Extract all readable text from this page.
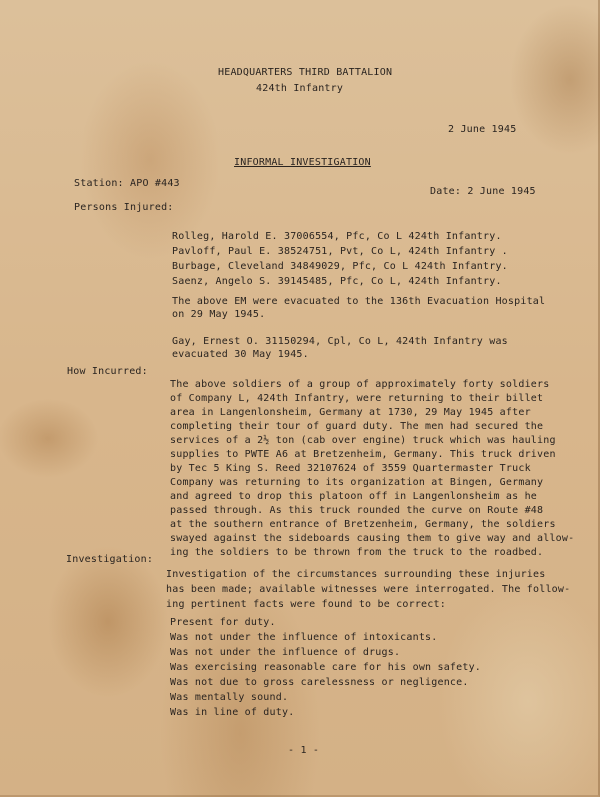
HEADQUARTERS THIRD BATTALION
424th Infantry
2 June 1945
INFORMAL INVESTIGATION
Station: APO #443
Date: 2 June 1945
Persons Injured:
Rolleg, Harold E. 37006554, Pfc, Co L 424th Infantry.
Pavloff, Paul E. 38524751, Pvt, Co L, 424th Infantry .
Burbage, Cleveland 34849029, Pfc, Co L 424th Infantry.
Saenz, Angelo S. 39145485, Pfc, Co L, 424th Infantry.
The above EM were evacuated to the 136th Evacuation Hospital
on 29 May 1945.
Gay, Ernest O. 31150294, Cpl, Co L, 424th Infantry was
evacuated 30 May 1945.
How Incurred:
The above soldiers of a group of approximately forty soldiers
of Company L, 424th Infantry, were returning to their billet
area in Langenlonsheim, Germany at 1730, 29 May 1945 after
completing their tour of guard duty. The men had secured the
services of a 2½ ton (cab over engine) truck which was hauling
supplies to PWTE A6 at Bretzenheim, Germany. This truck driven
by Tec 5 King S. Reed 32107624 of 3559 Quartermaster Truck
Company was returning to its organization at Bingen, Germany
and agreed to drop this platoon off in Langenlonsheim as he
passed through. As this truck rounded the curve on Route #48
at the southern entrance of Bretzenheim, Germany, the soldiers
swayed against the sideboards causing them to give way and allow-
ing the soldiers to be thrown from the truck to the roadbed.
Investigation:
Investigation of the circumstances surrounding these injuries
has been made; available witnesses were interrogated. The follow-
ing pertinent facts were found to be correct:
Present for duty.
Was not under the influence of intoxicants.
Was not under the influence of drugs.
Was exercising reasonable care for his own safety.
Was not due to gross carelessness or negligence.
Was mentally sound.
Was in line of duty.
- 1 -
